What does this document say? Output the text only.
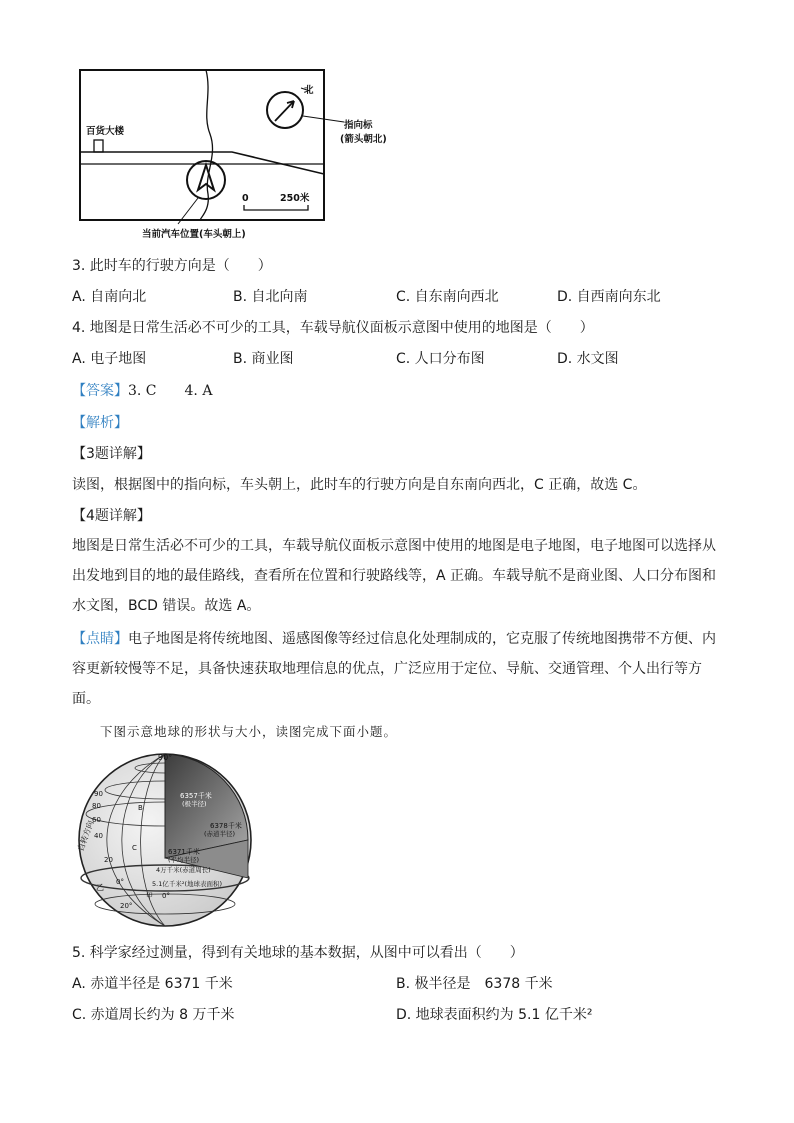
百货大楼
北
指向标
(箭头朝北)
0	250米
当前汽车位置(车头朝上)
3. 此时车的行驶方向是（　　）
A. 自南向北	B. 自北向南	C. 自东南向西北	D. 自西南向东北
4. 地图是日常生活必不可少的工具，车载导航仪面板示意图中使用的地图是（　　）
A. 电子地图	B. 商业图	C. 人口分布图	D. 水文图
【答案】3. C　　4. A
【解析】
【3题详解】
读图，根据图中的指向标，车头朝上，此时车的行驶方向是自东南向西北，C 正确，故选 C。
【4题详解】
地图是日常生活必不可少的工具，车载导航仪面板示意图中使用的地图是电子地图，电子地图可以选择从
出发地到目的地的最佳路线，查看所在位置和行驶路线等，A 正确。车载导航不是商业图、人口分布图和
水文图，BCD 错误。故选 A。
【点睛】电子地图是将传统地图、遥感图像等经过信息化处理制成的，它克服了传统地图携带不方便、内
容更新较慢等不足，具备快速获取地理信息的优点，广泛应用于定位、导航、交通管理、个人出行等方
面。
下图示意地球的形状与大小，读图完成下面小题。
90°
6357千米
(极半径)
6378千米
(赤道半径)
6371千米
(平均半径)
4万千米(赤道周长)
5.1亿千米²(地球表面积)
自转方向
90
80
60
40
20
0°
20°
B
C
乙
甲 0°
5. 科学家经过测量，得到有关地球的基本数据，从图中可以看出（　　）
A. 赤道半径是 6371 千米	B. 极半径是　6378 千米
C. 赤道周长约为 8 万千米	D. 地球表面积约为 5.1 亿千米²
